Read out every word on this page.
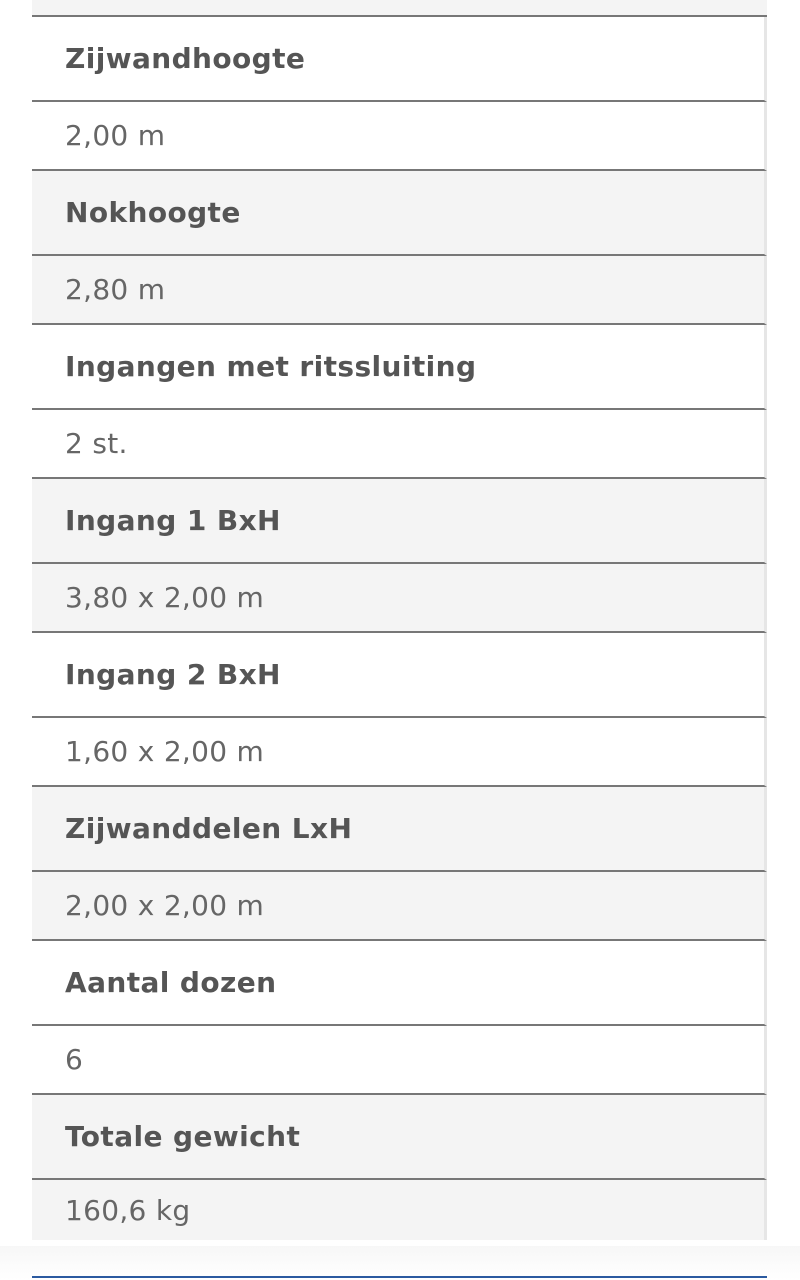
Zijwandhoogte
2,00 m
Nokhoogte
2,80 m
Ingangen met ritssluiting
2 st.
Ingang 1 BxH
3,80 x 2,00 m
Ingang 2 BxH
1,60 x 2,00 m
Zijwanddelen LxH
2,00 x 2,00 m
Aantal dozen
6
Totale gewicht
160,6 kg
